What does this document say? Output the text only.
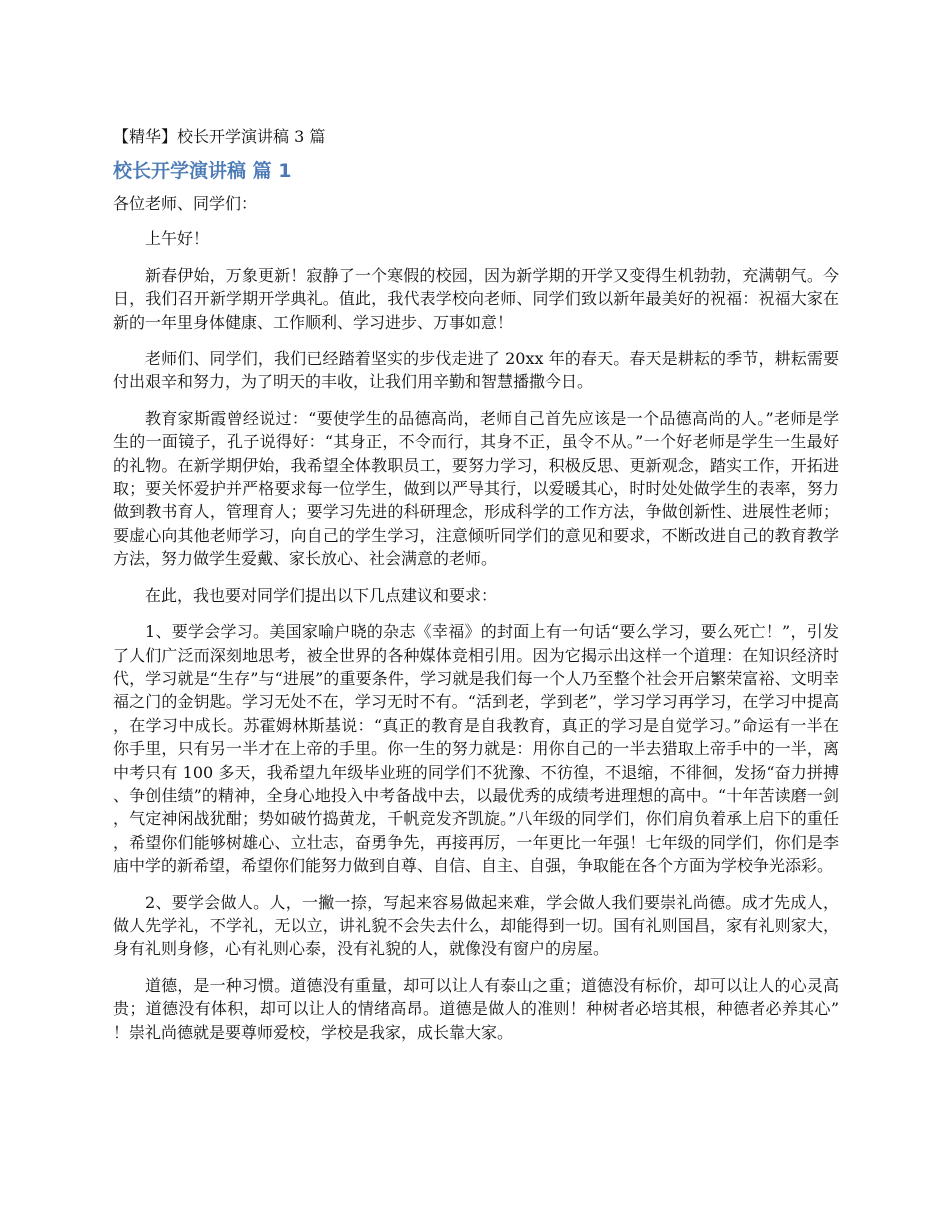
【精华】校长开学演讲稿 3 篇

校长开学演讲稿 篇 1

各位老师、同学们：

上午好！

新春伊始，万象更新！寂静了一个寒假的校园，因为新学期的开学又变得生机勃勃，充满朝气。今日，我们召开新学期开学典礼。值此，我代表学校向老师、同学们致以新年最美好的祝福：祝福大家在新的一年里身体健康、工作顺利、学习进步、万事如意！

老师们、同学们，我们已经踏着坚实的步伐走进了 20xx 年的春天。春天是耕耘的季节，耕耘需要付出艰辛和努力，为了明天的丰收，让我们用辛勤和智慧播撒今日。

教育家斯霞曾经说过：“要使学生的品德高尚，老师自己首先应该是一个品德高尚的人。”老师是学生的一面镜子，孔子说得好：“其身正，不令而行，其身不正，虽令不从。”一个好老师是学生一生最好的礼物。在新学期伊始，我希望全体教职员工，要努力学习，积极反思、更新观念，踏实工作，开拓进取；要关怀爱护并严格要求每一位学生，做到以严导其行，以爱暖其心，时时处处做学生的表率，努力做到教书育人，管理育人；要学习先进的科研理念，形成科学的工作方法，争做创新性、进展性老师；要虚心向其他老师学习，向自己的学生学习，注意倾听同学们的意见和要求，不断改进自己的教育教学方法，努力做学生爱戴、家长放心、社会满意的老师。

在此，我也要对同学们提出以下几点建议和要求：

1、要学会学习。美国家喻户晓的杂志《幸福》的封面上有一句话“要么学习，要么死亡！”，引发了人们广泛而深刻地思考，被全世界的各种媒体竞相引用。因为它揭示出这样一个道理：在知识经济时代，学习就是“生存”与“进展”的重要条件，学习就是我们每一个人乃至整个社会开启繁荣富裕、文明幸福之门的金钥匙。学习无处不在，学习无时不有。“活到老，学到老”，学习学习再学习，在学习中提高，在学习中成长。苏霍姆林斯基说：“真正的教育是自我教育，真正的学习是自觉学习。”命运有一半在你手里，只有另一半才在上帝的手里。你一生的努力就是：用你自己的一半去猎取上帝手中的一半，离中考只有 100 多天，我希望九年级毕业班的同学们不犹豫、不彷徨，不退缩，不徘徊，发扬“奋力拼搏、争创佳绩”的精神，全身心地投入中考备战中去，以最优秀的成绩考进理想的高中。“十年苦读磨一剑，气定神闲战犹酣；势如破竹捣黄龙，千帆竞发齐凯旋。”八年级的同学们，你们肩负着承上启下的重任，希望你们能够树雄心、立壮志，奋勇争先，再接再厉，一年更比一年强！七年级的同学们，你们是李庙中学的新希望，希望你们能努力做到自尊、自信、自主、自强，争取能在各个方面为学校争光添彩。

2、要学会做人。人，一撇一捺，写起来容易做起来难，学会做人我们要崇礼尚德。成才先成人，做人先学礼，不学礼，无以立，讲礼貌不会失去什么，却能得到一切。国有礼则国昌，家有礼则家大，身有礼则身修，心有礼则心泰，没有礼貌的人，就像没有窗户的房屋。

道德，是一种习惯。道德没有重量，却可以让人有泰山之重；道德没有标价，却可以让人的心灵高贵；道德没有体积，却可以让人的情绪高昂。道德是做人的准则！种树者必培其根，种德者必养其心”！崇礼尚德就是要尊师爱校，学校是我家，成长靠大家。
